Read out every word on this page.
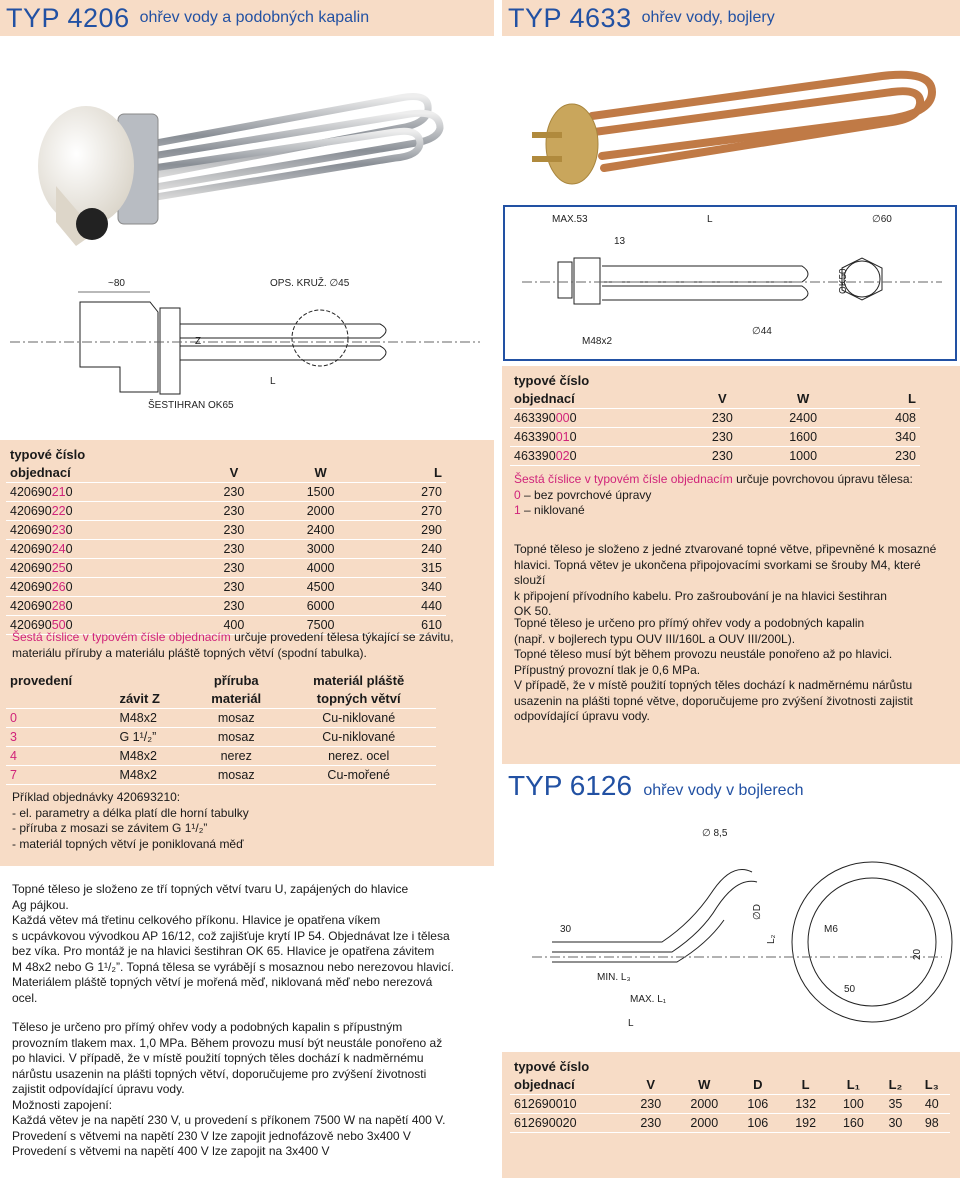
TYP 4206 ohřev vody a podobných kapalin	TYP 4633 ohřev vody, bojlery
~80	OPS. KRUŽ. ∅45
Z
L
ŠESTIHRAN OK65
MAX.53	L	∅60
13
OK50
M48x2
∅44
typové číslo			
objednací	V	W	L
420690210	230	1500	270
420690220	230	2000	270
420690230	230	2400	290
420690240	230	3000	240
420690250	230	4000	315
420690260	230	4500	340
420690280	230	6000	440
420690500	400	7500	610

Šestá číslice v typovém čísle objednacím určuje provedení tělesa týkající se závitu, materiálu příruby a materiálu pláště topných větví (spodní tabulka).

provedení		příruba	materiál pláště
	závit Z	materiál	topných větví
0	M48x2	mosaz	Cu-niklované
3	G 1¹/₂”	mosaz	Cu-niklované
4	M48x2	nerez	nerez. ocel
7	M48x2	mosaz	Cu-mořené

Příklad objednávky 420693210:

- el. parametry a délka platí dle horní tabulky

- příruba z mosazi se závitem G 1¹/₂”

- materiál topných větví je poniklovaná měď

Topné těleso je složeno ze tří topných větví tvaru U, zapájených do hlavice

Ag pájkou.

Každá větev má třetinu celkového příkonu. Hlavice je opatřena víkem

s ucpávkovou vývodkou AP 16/12, což zajišťuje krytí IP 54. Objednávat lze i tělesa

bez víka. Pro montáž je na hlavici šestihran OK 65. Hlavice je opatřena závitem

M 48x2 nebo G 1¹/₂”. Topná tělesa se vyrábějí s mosaznou nebo nerezovou hlavicí.

Materiálem pláště topných větví je mořená měď, niklovaná měď nebo nerezová

ocel.

Těleso je určeno pro přímý ohřev vody a podobných kapalin s přípustným

provozním tlakem max. 1,0 MPa. Během provozu musí být neustále ponořeno až

po hlavici. V případě, že v místě použití topných těles dochází k nadměrnému

nárůstu usazenin na plášti topných větví, doporučujeme pro zvýšení životnosti

zajistit odpovídající úpravu vody.

Možnosti zapojení:

Každá větev je na napětí 230 V, u provedení s příkonem 7500 W na napětí 400 V.

Provedení s větvemi na napětí 230 V lze zapojit jednofázově nebo 3x400 V

Provedení s větvemi na napětí 400 V lze zapojit na 3x400 V

typové číslo			
objednací	V	W	L
463390000	230	2400	408
463390010	230	1600	340
463390020	230	1000	230

Šestá číslice v typovém čísle objednacím určuje povrchovou úpravu tělesa:

0 – bez povrchové úpravy

1 – niklované

Topné těleso je složeno z jedné ztvarované topné větve, připevněné k mosazné

hlavici. Topná větev je ukončena připojovacími svorkami se šrouby M4, které slouží

k připojení přívodního kabelu. Pro zašroubování je na hlavici šestihran

OK 50.

Topné těleso je určeno pro přímý ohřev vody a podobných kapalin

(např. v bojlerech typu OUV III/160L a OUV III/200L).

Topné těleso musí být během provozu neustále ponořeno až po hlavici.

Přípustný provozní tlak je 0,6 MPa.

V případě, že v místě použití topných těles dochází k nadměrnému nárůstu

usazenin na plášti topné větve, doporučujeme pro zvýšení životnosti zajistit

odpovídající úpravu vody.

TYP 6126 ohřev vody v bojlerech
∅ 8,5
30
∅D
L₂
M6
20
MIN. L₃
MAX. L₁
L
50
typové číslo							
objednací	V	W	D	L	L₁	L₂	L₃
612690010	230	2000	106	132	100	35	40
612690020	230	2000	106	192	160	30	98
